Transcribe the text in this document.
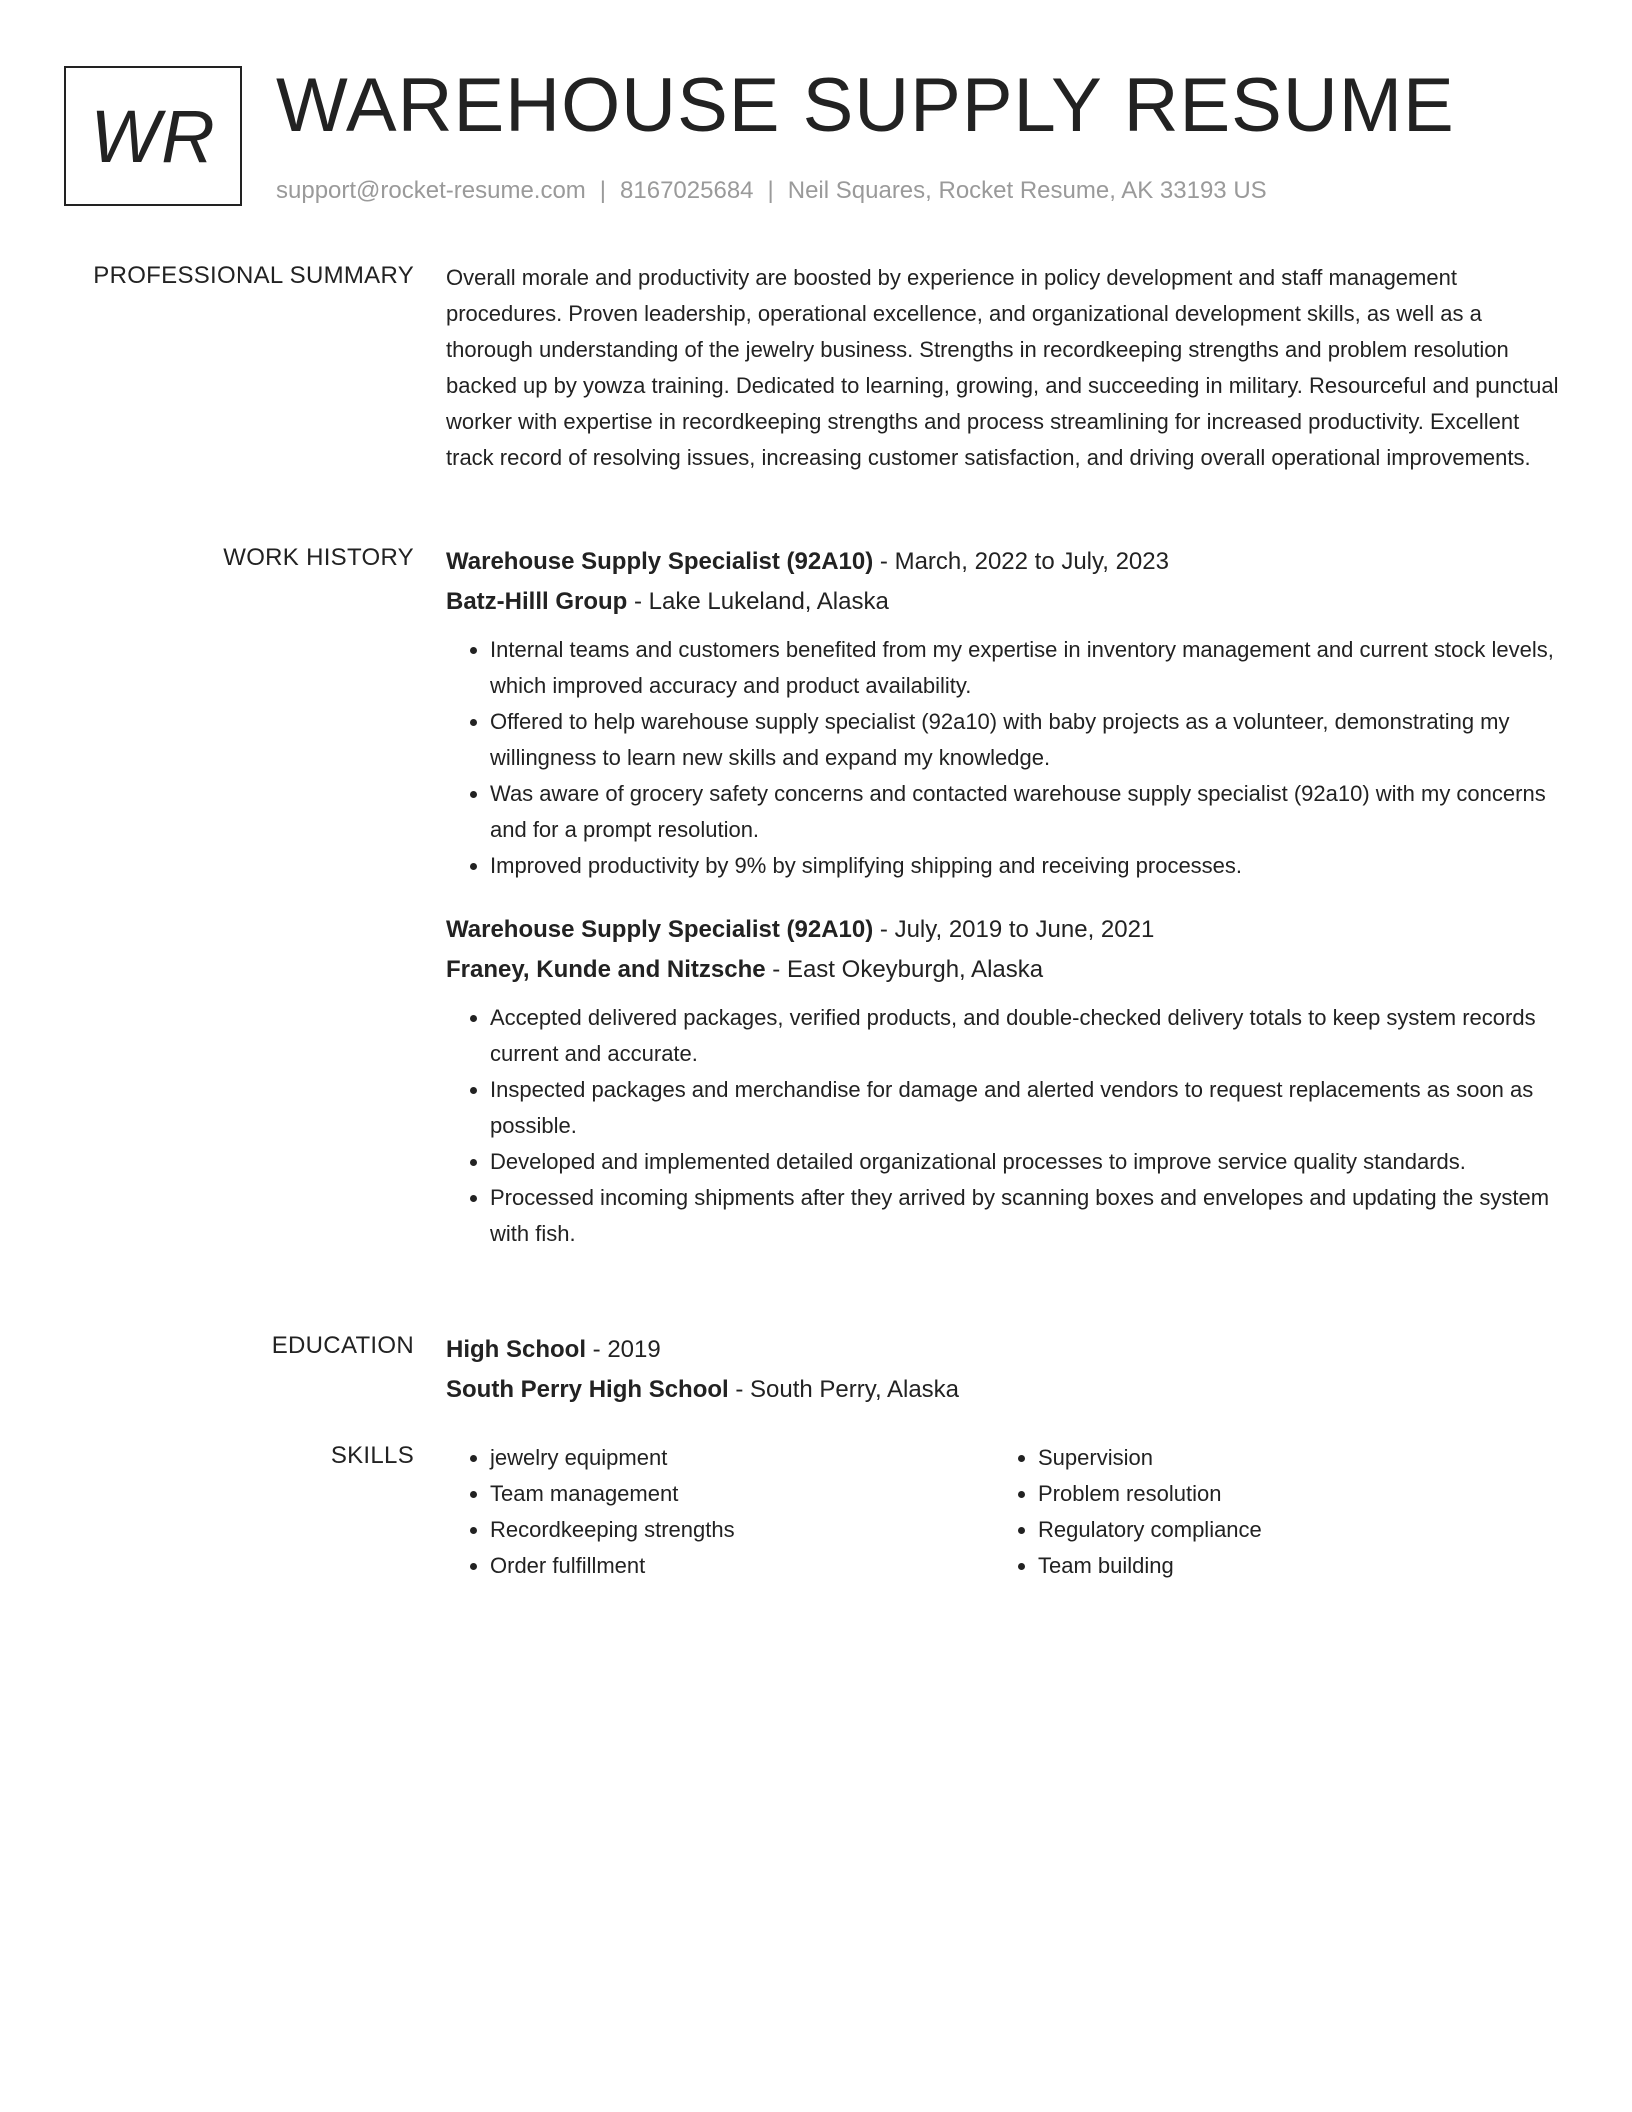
WR WAREHOUSE SUPPLY RESUME
support@rocket-resume.com | 8167025684 | Neil Squares, Rocket Resume, AK 33193 US
PROFESSIONAL SUMMARY Overall morale and productivity are boosted by experience in policy development and staff management procedures. Proven leadership, operational excellence, and organizational development skills, as well as a thorough understanding of the jewelry business. Strengths in recordkeeping strengths and problem resolution backed up by yowza training. Dedicated to learning, growing, and succeeding in military. Resourceful and punctual worker with expertise in recordkeeping strengths and process streamlining for increased productivity. Excellent track record of resolving issues, increasing customer satisfaction, and driving overall operational improvements.

WORK HISTORY Warehouse Supply Specialist (92A10) - March, 2022 to July, 2023
Batz-Hilll Group - Lake Lukeland, Alaska
• Internal teams and customers benefited from my expertise in inventory management and current stock levels, which improved accuracy and product availability.
• Offered to help warehouse supply specialist (92a10) with baby projects as a volunteer, demonstrating my willingness to learn new skills and expand my knowledge.
• Was aware of grocery safety concerns and contacted warehouse supply specialist (92a10) with my concerns and for a prompt resolution.
• Improved productivity by 9% by simplifying shipping and receiving processes.
Warehouse Supply Specialist (92A10) - July, 2019 to June, 2021
Franey, Kunde and Nitzsche - East Okeyburgh, Alaska
• Accepted delivered packages, verified products, and double-checked delivery totals to keep system records current and accurate.
• Inspected packages and merchandise for damage and alerted vendors to request replacements as soon as possible.
• Developed and implemented detailed organizational processes to improve service quality standards.
• Processed incoming shipments after they arrived by scanning boxes and envelopes and updating the system with fish.
EDUCATION High School - 2019
South Perry High School - South Perry, Alaska
SKILLS
•	jewelry equipment
• Team management
• Recordkeeping strengths
• Order fulfillment
• Supervision
• Problem resolution
• Regulatory compliance
• Team building
